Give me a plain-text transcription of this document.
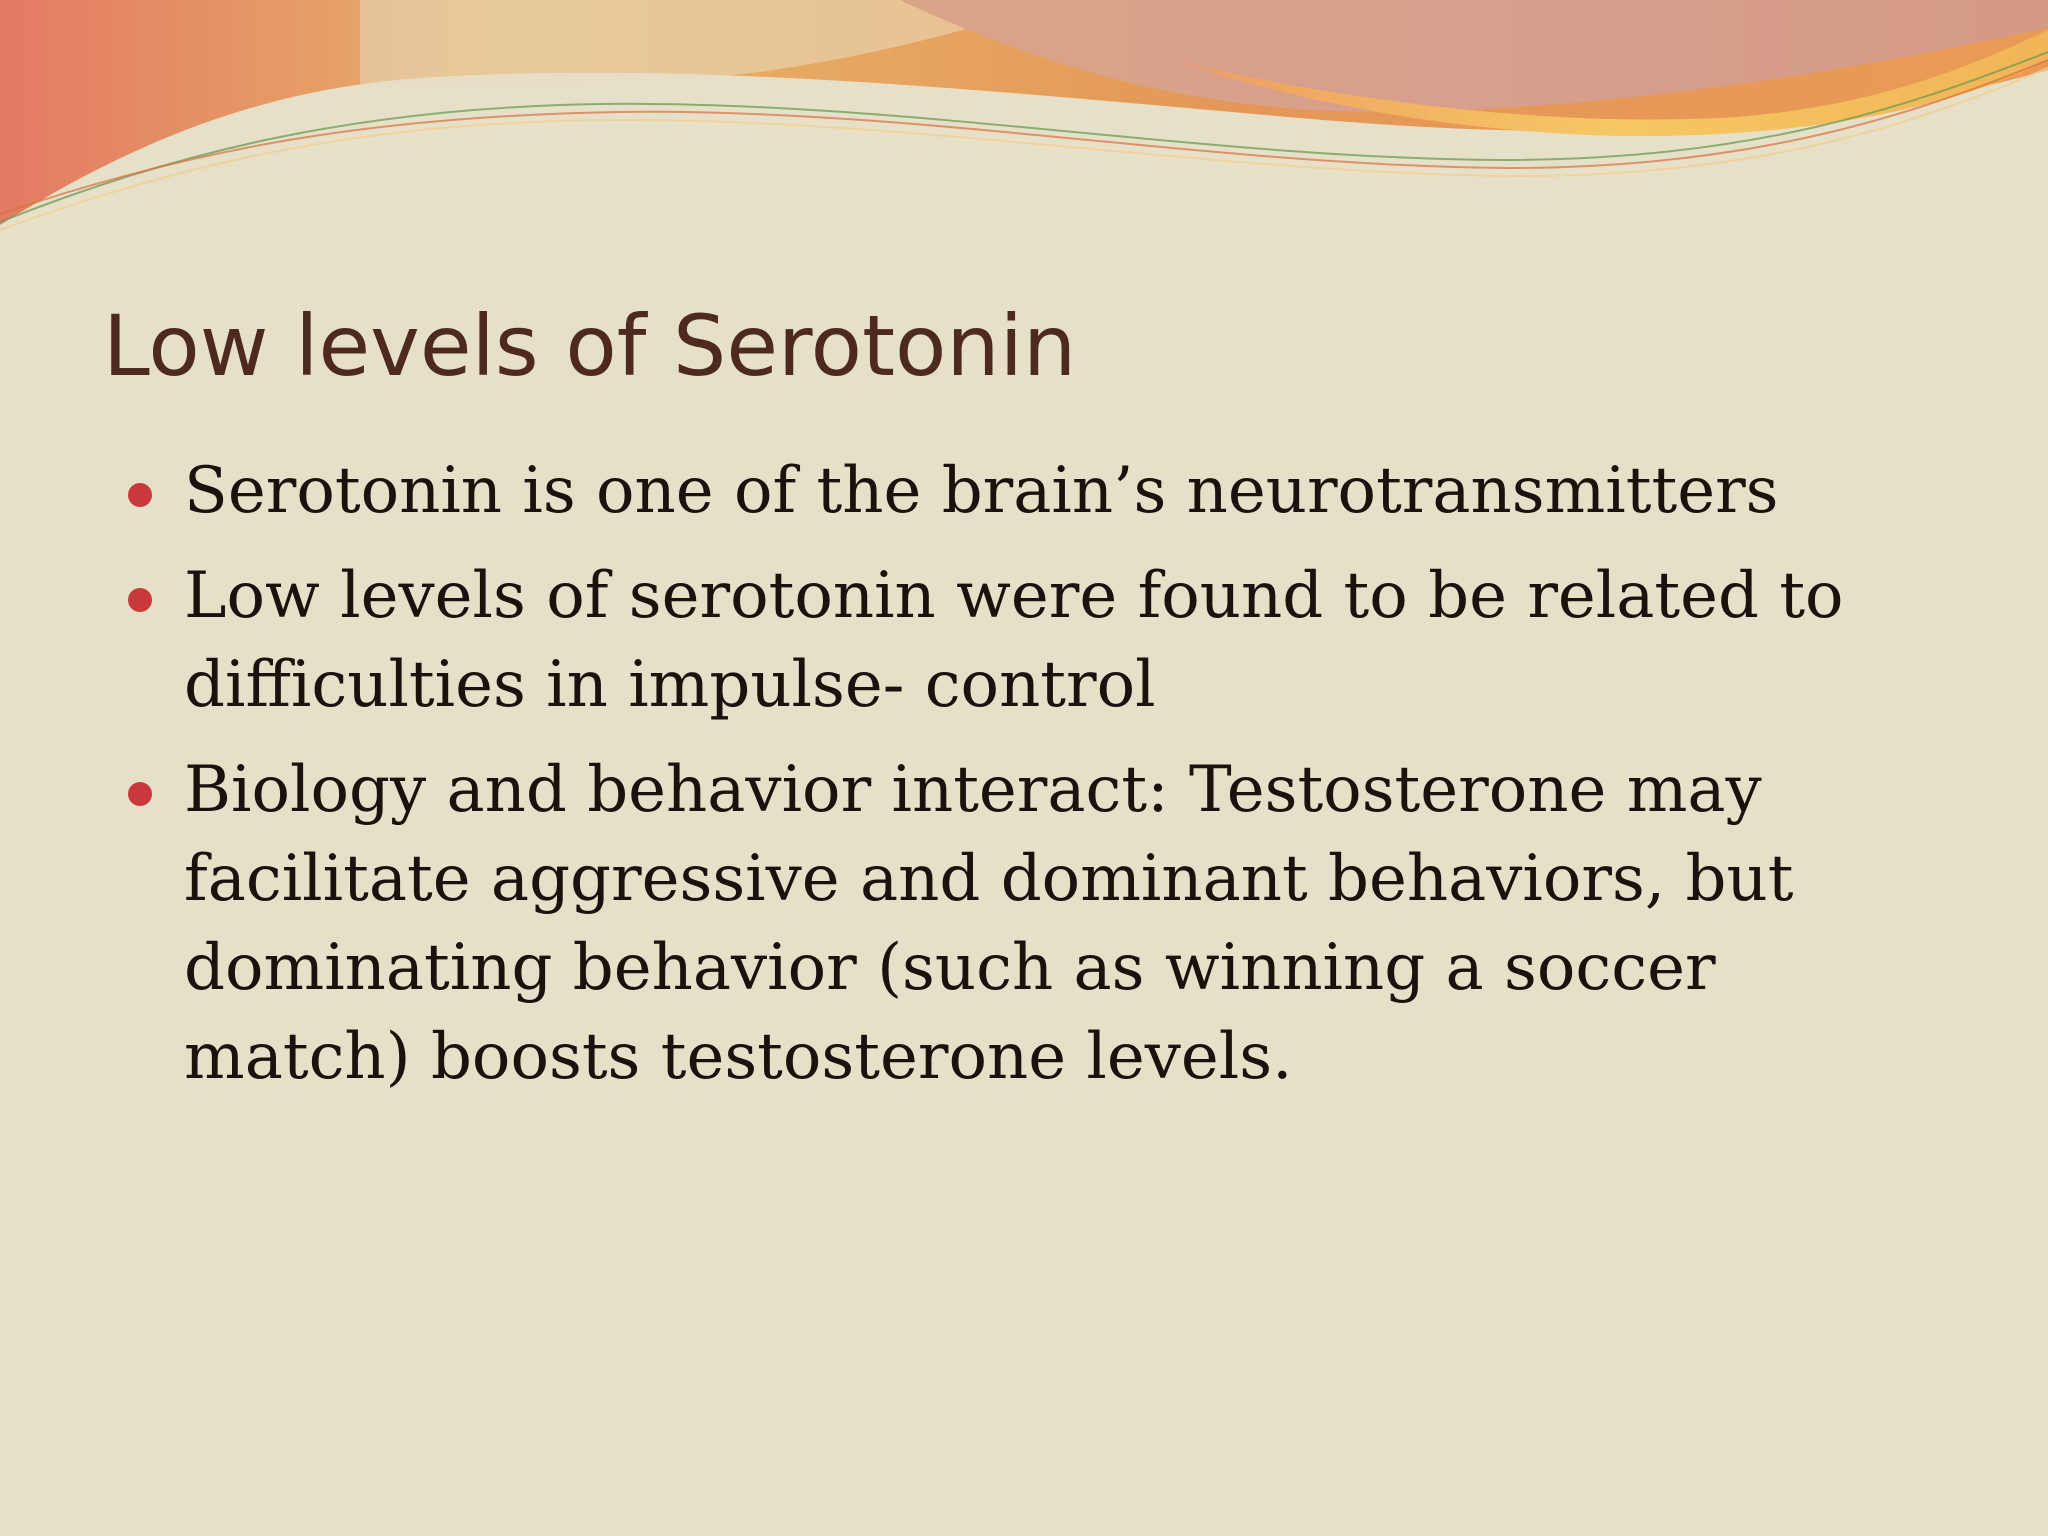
Low levels of Serotonin
Serotonin is one of the brain’s neurotransmitters
Low levels of serotonin were found to be related to difficulties in impulse- control
Biology and behavior interact: Testosterone may facilitate aggressive and dominant behaviors, but dominating behavior (such as winning a soccer match) boosts testosterone levels.
